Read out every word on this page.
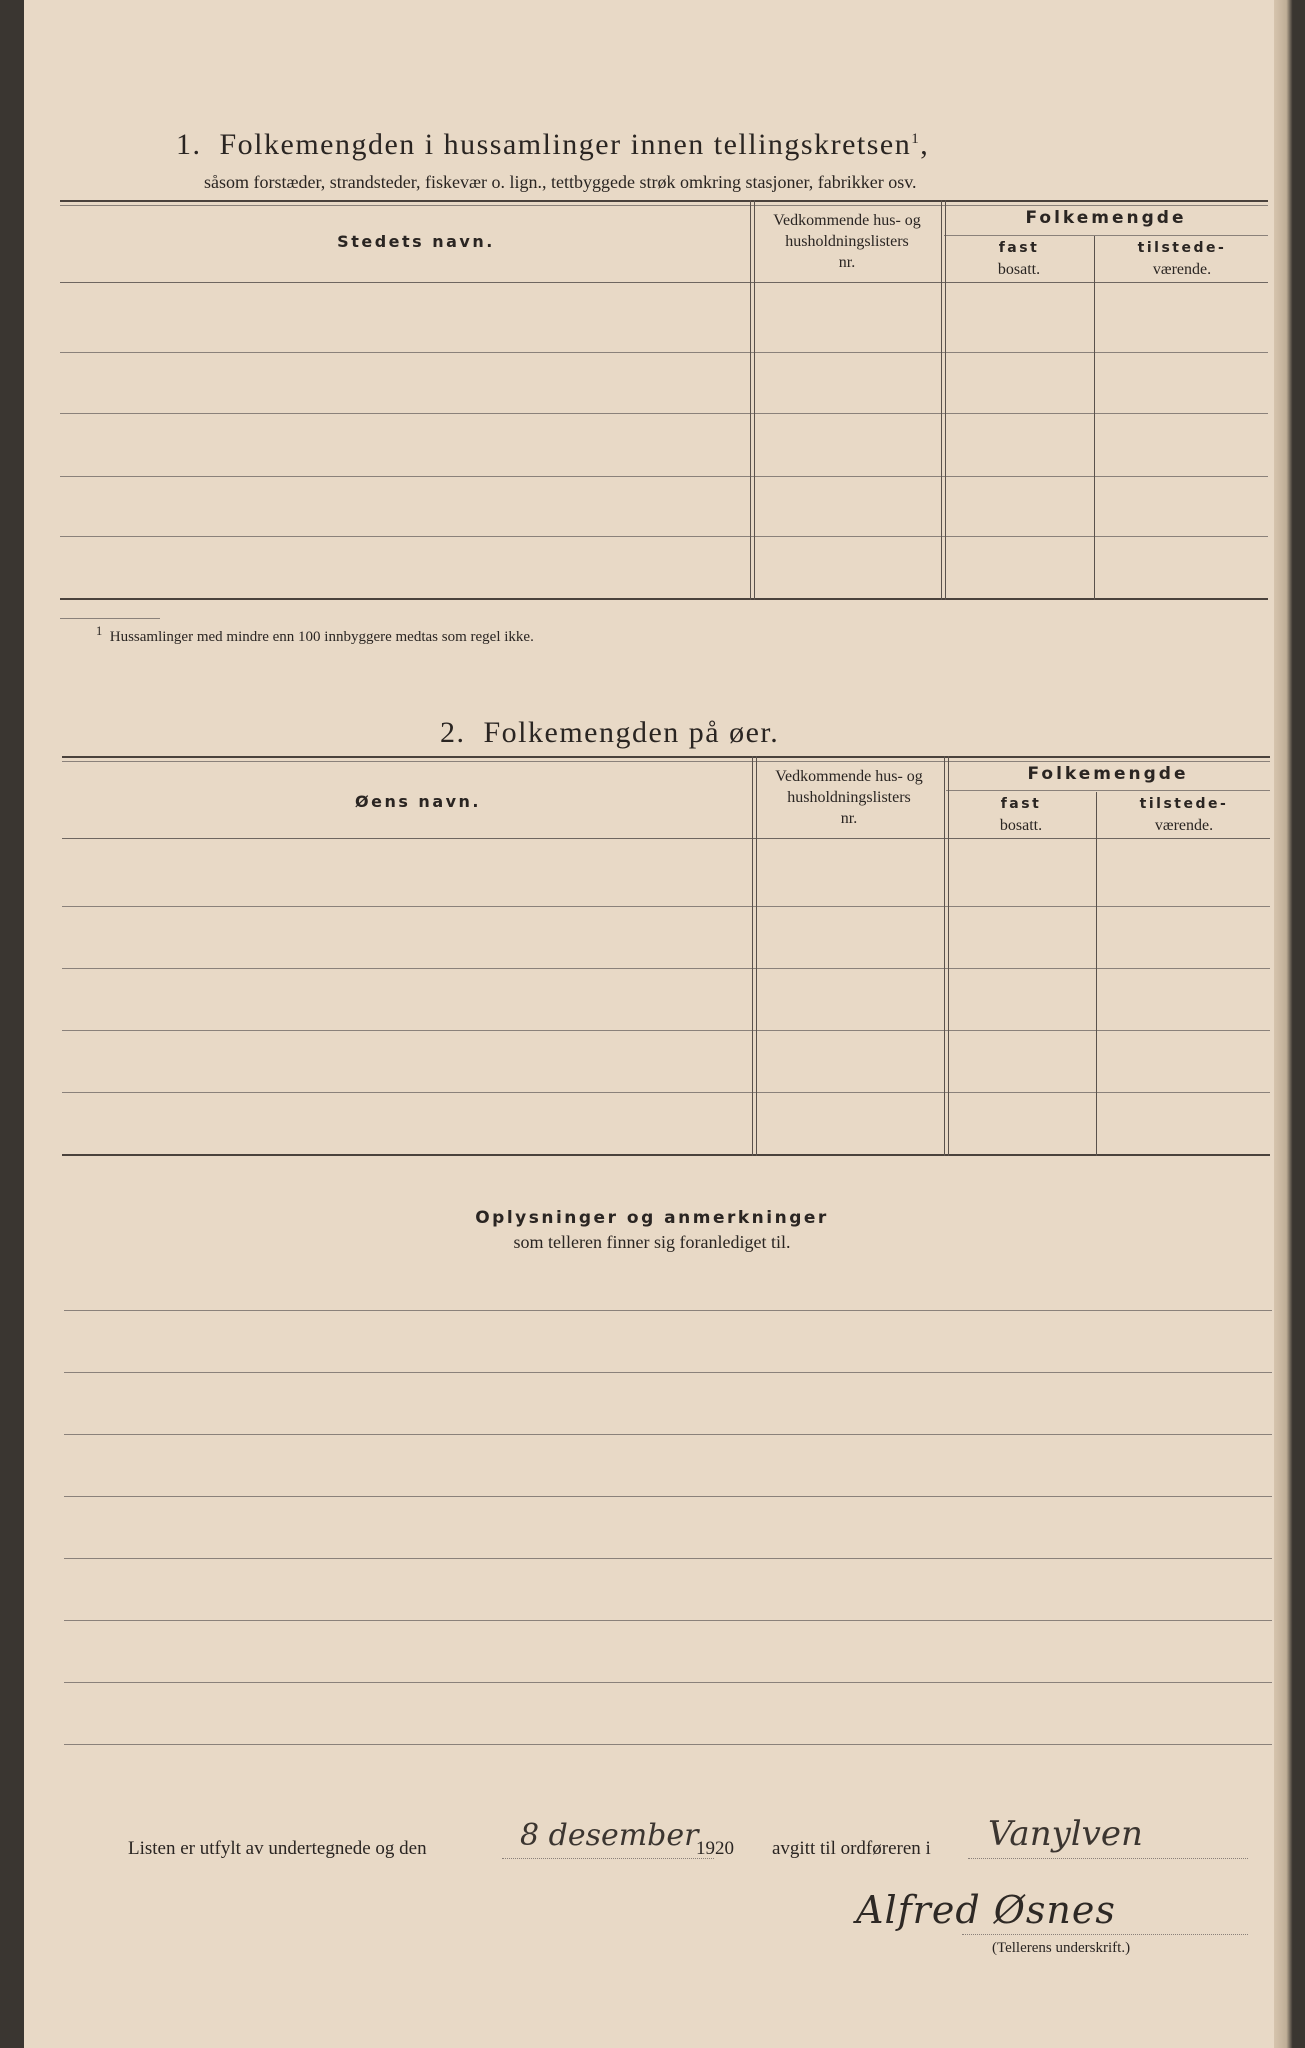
1. Folkemengden i hussamlinger innen tellingskretsen$^1$,
såsom forstæder, strandsteder, fiskevær o. lign., tettbyggede strøk omkring stasjoner, fabrikker osv.
Stedets navn.
Vedkommende hus- og
husholdningslisters
nr.
Folkemengde
fast
bosatt.
tilstede-
værende.
$^1$ Hussamlinger med mindre enn 100 innbyggere medtas som regel ikke.
2. Folkemengden på øer.
Øens navn.
Vedkommende hus- og
husholdningslisters
nr.
Folkemengde
fast
bosatt.
tilstede-
værende.
Oplysninger og anmerkninger
som telleren finner sig foranlediget til.
Listen er utfylt av undertegnede og den	8 desember
1920 avgitt til ordføreren i Vanylven
Alfred Øsnes
(Tellerens underskrift.)
